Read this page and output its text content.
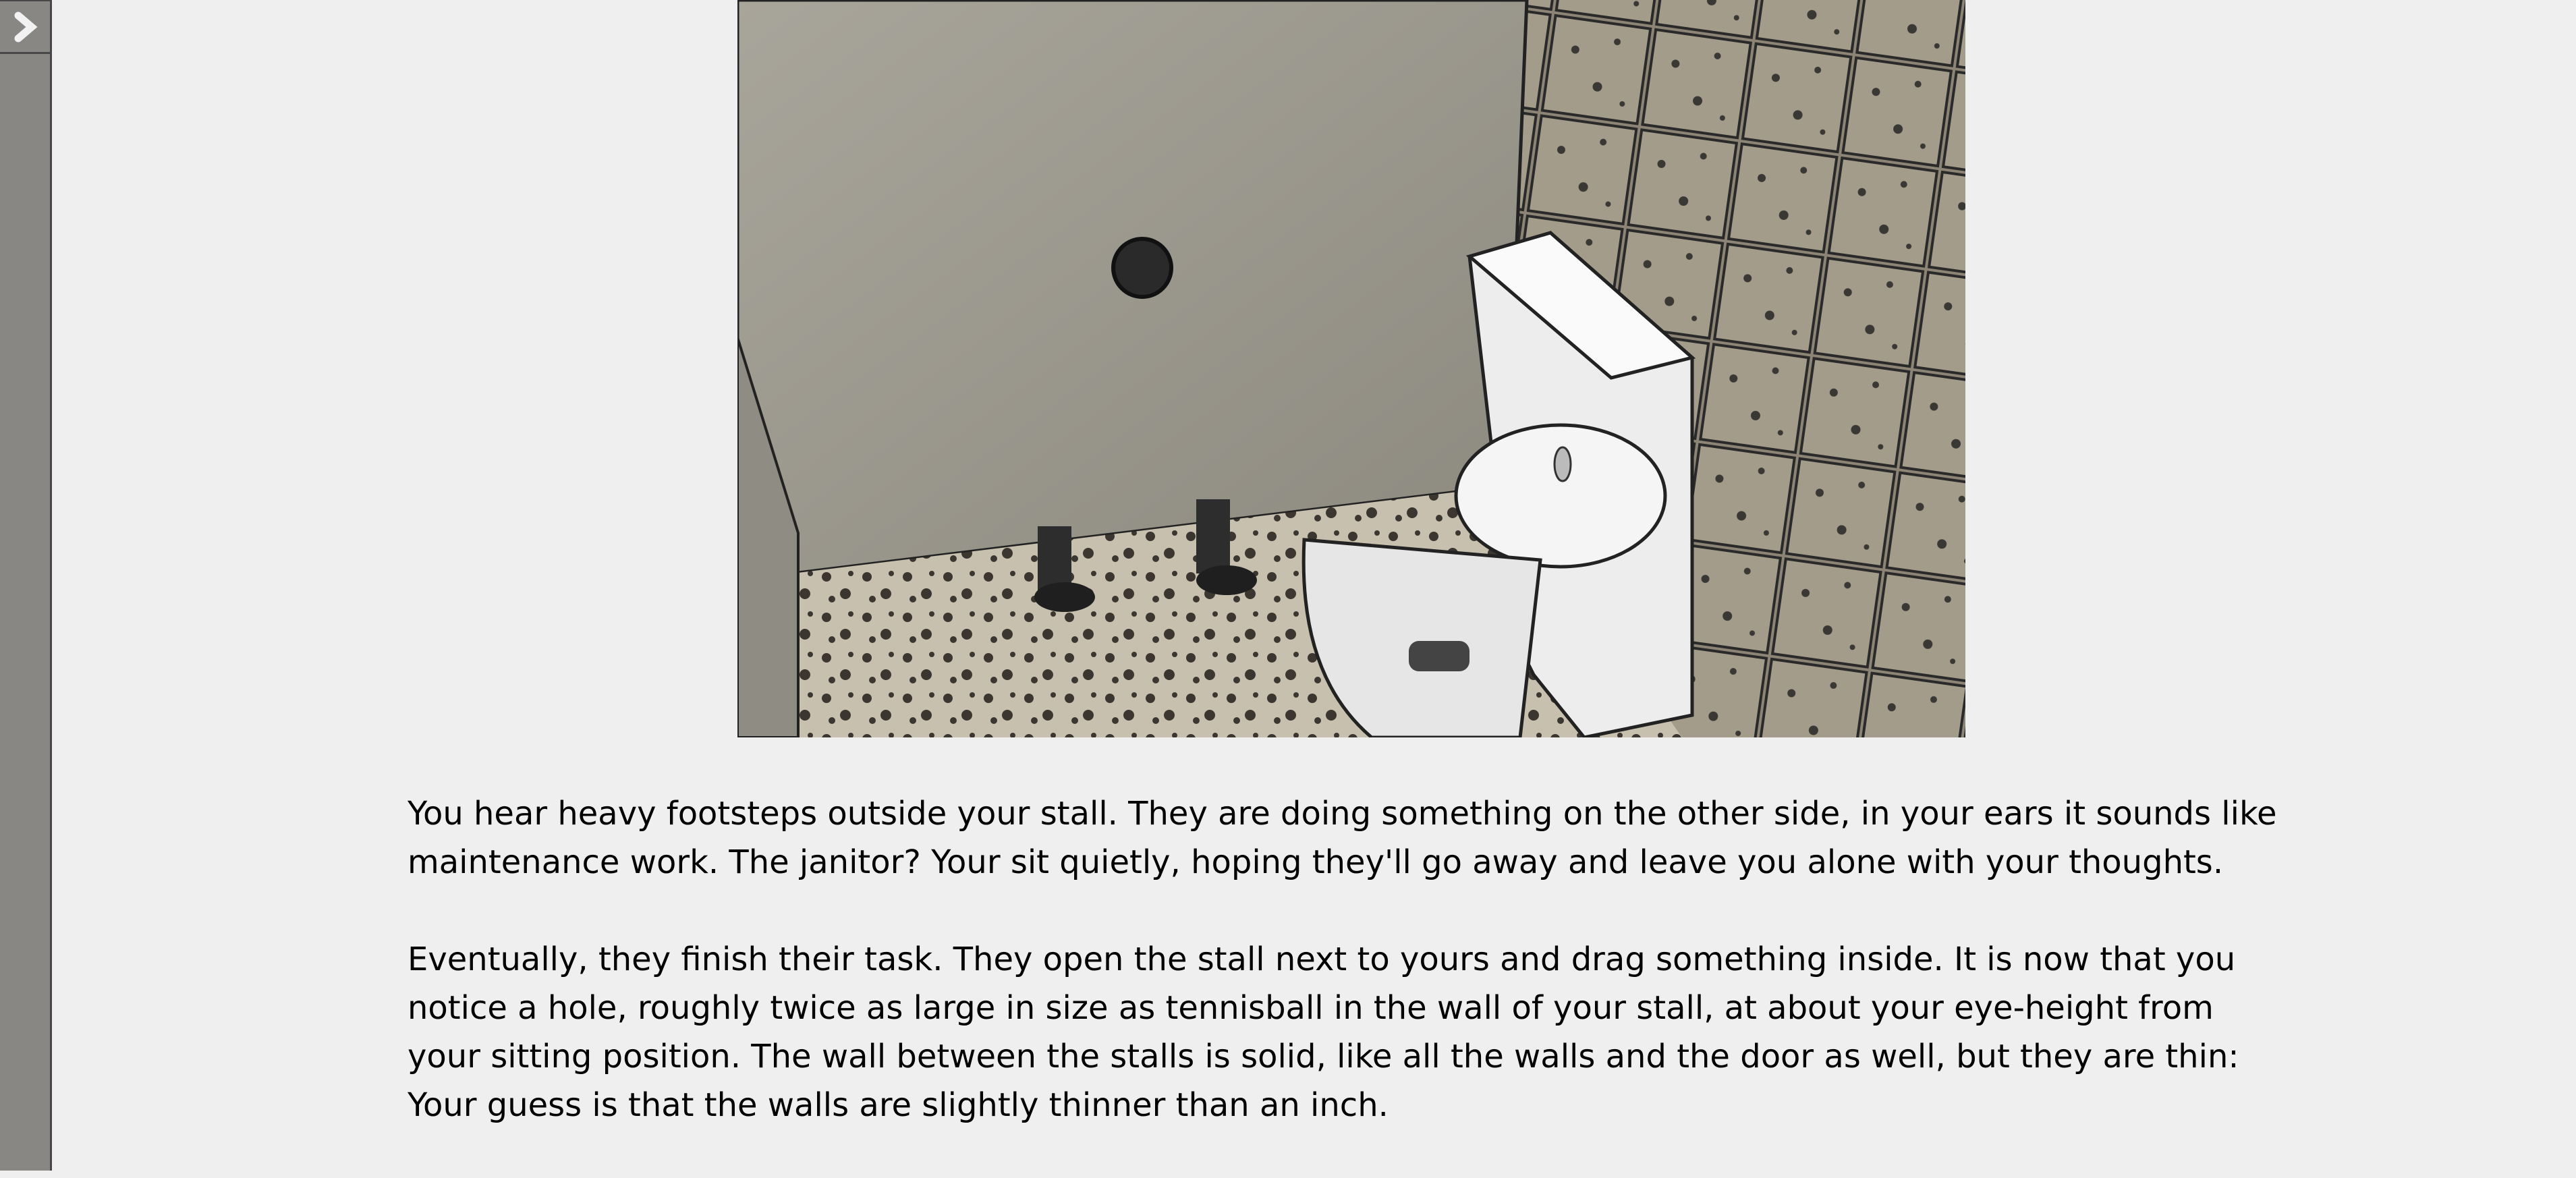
You hear heavy footsteps outside your stall. They are doing something on the other side, in your ears it sounds like
maintenance work. The janitor? Your sit quietly, hoping they'll go away and leave you alone with your thoughts.

Eventually, they finish their task. They open the stall next to yours and drag something inside. It is now that you
notice a hole, roughly twice as large in size as tennisball in the wall of your stall, at about your eye-height from
your sitting position. The wall between the stalls is solid, like all the walls and the door as well, but they are thin:
Your guess is that the walls are slightly thinner than an inch.
